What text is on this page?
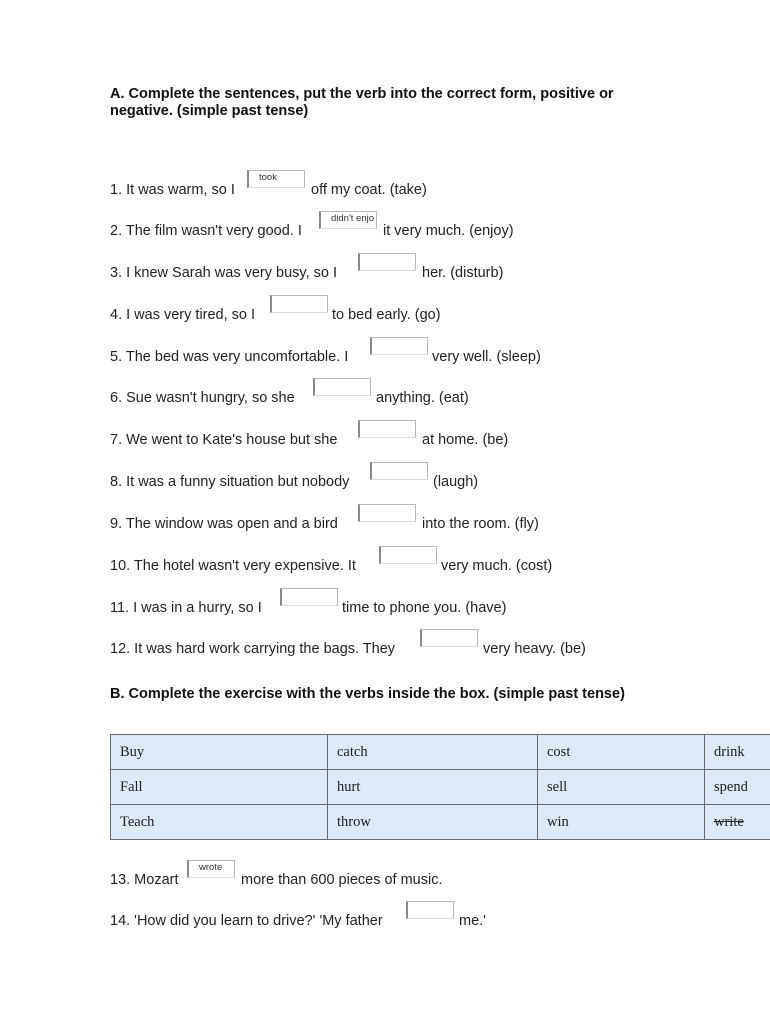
A. Complete the sentences, put the verb into the correct form, positive or negative. (simple past tense)
1. It was warm, so I
took
off my coat. (take)
2. The film wasn't very good. I
didn't enjo
it very much. (enjoy)
3. I knew Sarah was very busy, so I	her. (disturb)
4. I was very tired, so I	to bed early. (go)
5. The bed was very uncomfortable. I	very well. (sleep)
6. Sue wasn't hungry, so she	anything. (eat)
7. We went to Kate's house but she	at home. (be)
8. It was a funny situation but nobody	(laugh)
9. The window was open and a bird	into the room. (fly)
10. The hotel wasn't very expensive. It	very much. (cost)
11. I was in a hurry, so I	time to phone you. (have)
12. It was hard work carrying the bags. They	very heavy. (be)
B. Complete the exercise with the verbs inside the box. (simple past tense)
Buy	catch	cost	drink
Fall	hurt	sell	spend
Teach	throw	win	write
13. Mozart
wrote
more than 600 pieces of music.
14. 'How did you learn to drive?' 'My father	me.'
